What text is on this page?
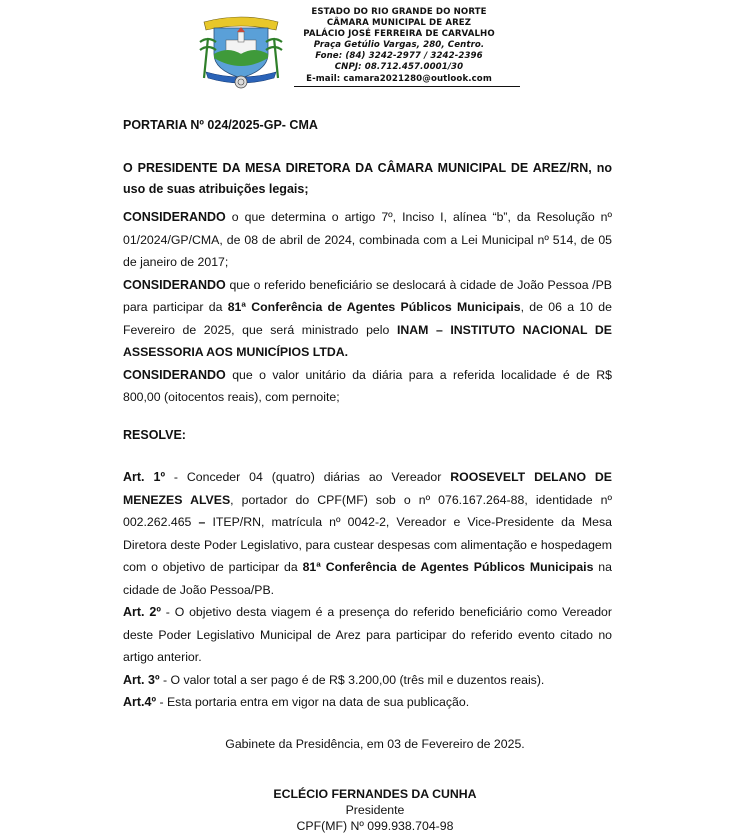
ESTADO DO RIO GRANDE DO NORTE
CÂMARA MUNICIPAL DE AREZ
PALÁCIO JOSÉ FERREIRA DE CARVALHO
Praça Getúlio Vargas, 280, Centro.
Fone: (84) 3242-2977 / 3242-2396
CNPJ: 08.712.457.0001/30
E-mail: camara2021280@outlook.com
PORTARIA Nº 024/2025-GP- CMA

O PRESIDENTE DA MESA DIRETORA DA CÂMARA MUNICIPAL DE AREZ/RN, no uso de suas atribuições legais;

CONSIDERANDO o que determina o artigo 7º, Inciso I, alínea “b”, da Resolução nº 01/2024/GP/CMA, de 08 de abril de 2024, combinada com a Lei Municipal nº 514, de 05 de janeiro de 2017;

CONSIDERANDO que o referido beneficiário se deslocará à cidade de João Pessoa /PB para participar da 81ª Conferência de Agentes Públicos Municipais, de 06 a 10 de Fevereiro de 2025, que será ministrado pelo INAM – INSTITUTO NACIONAL DE ASSESSORIA AOS MUNICÍPIOS LTDA.

CONSIDERANDO que o valor unitário da diária para a referida localidade é de R$ 800,00 (oitocentos reais), com pernoite;

RESOLVE:

Art. 1º - Conceder 04 (quatro) diárias ao Vereador ROOSEVELT DELANO DE MENEZES ALVES, portador do CPF(MF) sob o nº 076.167.264-88, identidade nº 002.262.465 – ITEP/RN, matrícula nº 0042-2, Vereador e Vice-Presidente da Mesa Diretora deste Poder Legislativo, para custear despesas com alimentação e hospedagem com o objetivo de participar da 81ª Conferência de Agentes Públicos Municipais na cidade de João Pessoa/PB.

Art. 2º - O objetivo desta viagem é a presença do referido beneficiário como Vereador deste Poder Legislativo Municipal de Arez para participar do referido evento citado no artigo anterior.

Art. 3º - O valor total a ser pago é de R$ 3.200,00 (três mil e duzentos reais).

Art.4º - Esta portaria entra em vigor na data de sua publicação.

Gabinete da Presidência, em 03 de Fevereiro de 2025.
ECLÉCIO FERNANDES DA CUNHA
Presidente
CPF(MF) Nº 099.938.704-98
